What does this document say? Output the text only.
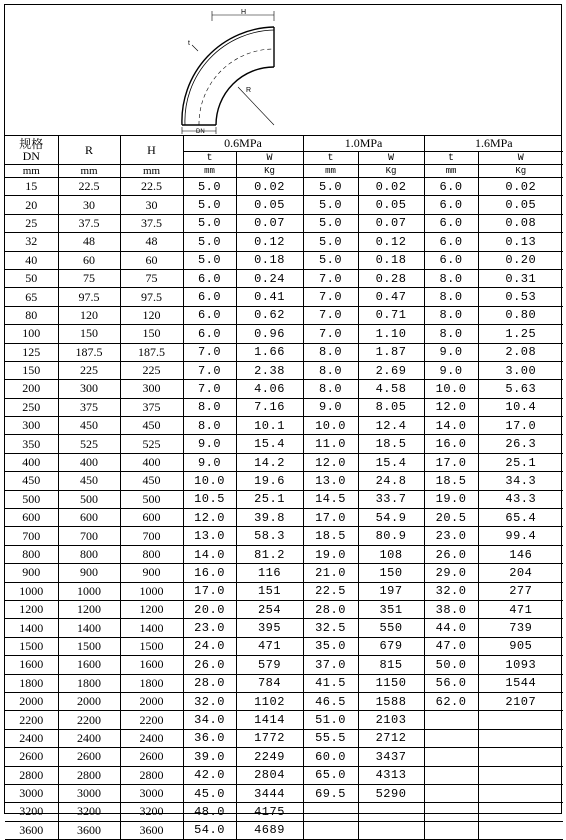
H
R
t
DN
规格
DN	R	H	0.6MPa		1.0MPa		1.6MPa	
			t	W	t	W	t	W
mm	mm	mm	mm	Kg	mm	Kg	mm	Kg
15	22.5	22.5	5.0	0.02	5.0	0.02	6.0	0.02
20	30	30	5.0	0.05	5.0	0.05	6.0	0.05
25	37.5	37.5	5.0	0.07	5.0	0.07	6.0	0.08
32	48	48	5.0	0.12	5.0	0.12	6.0	0.13
40	60	60	5.0	0.18	5.0	0.18	6.0	0.20
50	75	75	6.0	0.24	7.0	0.28	8.0	0.31
65	97.5	97.5	6.0	0.41	7.0	0.47	8.0	0.53
80	120	120	6.0	0.62	7.0	0.71	8.0	0.80
100	150	150	6.0	0.96	7.0	1.10	8.0	1.25
125	187.5	187.5	7.0	1.66	8.0	1.87	9.0	2.08
150	225	225	7.0	2.38	8.0	2.69	9.0	3.00
200	300	300	7.0	4.06	8.0	4.58	10.0	5.63
250	375	375	8.0	7.16	9.0	8.05	12.0	10.4
300	450	450	8.0	10.1	10.0	12.4	14.0	17.0
350	525	525	9.0	15.4	11.0	18.5	16.0	26.3
400	400	400	9.0	14.2	12.0	15.4	17.0	25.1
450	450	450	10.0	19.6	13.0	24.8	18.5	34.3
500	500	500	10.5	25.1	14.5	33.7	19.0	43.3
600	600	600	12.0	39.8	17.0	54.9	20.5	65.4
700	700	700	13.0	58.3	18.5	80.9	23.0	99.4
800	800	800	14.0	81.2	19.0	108	26.0	146
900	900	900	16.0	116	21.0	150	29.0	204
1000	1000	1000	17.0	151	22.5	197	32.0	277
1200	1200	1200	20.0	254	28.0	351	38.0	471
1400	1400	1400	23.0	395	32.5	550	44.0	739
1500	1500	1500	24.0	471	35.0	679	47.0	905
1600	1600	1600	26.0	579	37.0	815	50.0	1093
1800	1800	1800	28.0	784	41.5	1150	56.0	1544
2000	2000	2000	32.0	1102	46.5	1588	62.0	2107
2200	2200	2200	34.0	1414	51.0	2103		
2400	2400	2400	36.0	1772	55.5	2712		
2600	2600	2600	39.0	2249	60.0	3437		
2800	2800	2800	42.0	2804	65.0	4313		
3000	3000	3000	45.0	3444	69.5	5290		
3200	3200	3200	48.0	4175				
3600	3600	3600	54.0	4689				
